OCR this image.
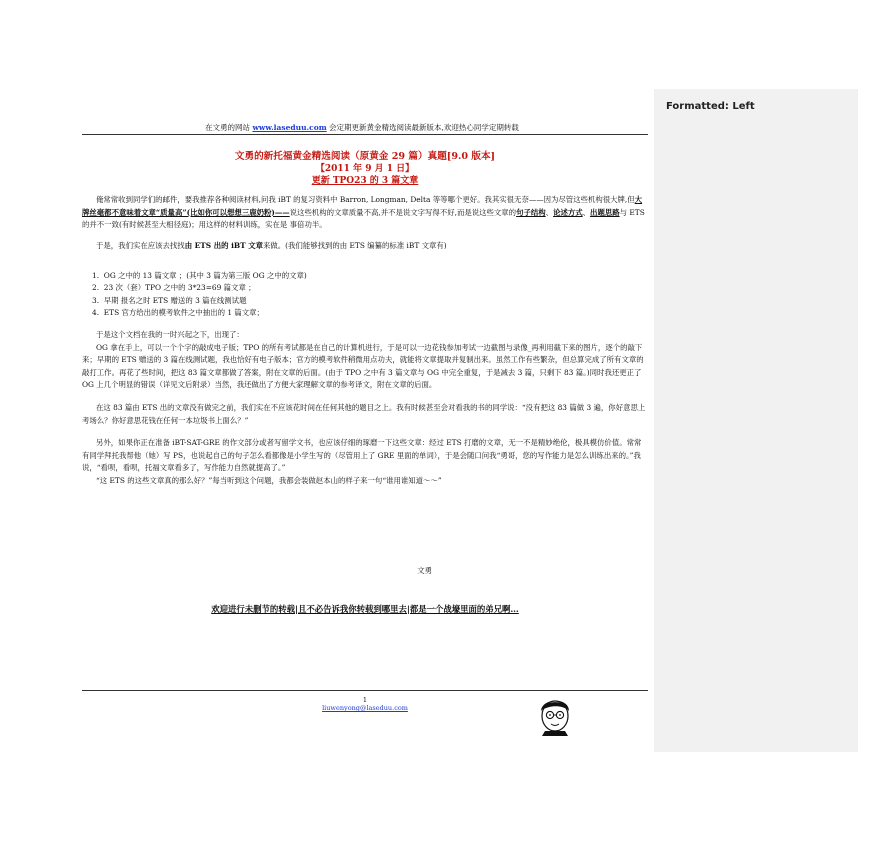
在文勇的网站 www.laseduu.com 会定期更新黄金精选阅读最新版本,欢迎热心同学定期转载
文勇的新托福黄金精选阅读（原黄金 29 篇）真题[9.0 版本]
【2011 年 9 月 1 日】
更新 TPO23 的 3 篇文章

俺常常收到同学们的邮件，要我推荐各种阅读材料,问我 iBT 的复习资料中 Barron, Longman, Delta 等等哪个更好。我其实很无奈——因为尽管这些机构很大牌,但大牌丝毫都不意味着文章“质量高”(比如你可以想想三鹿奶粉)——说这些机构的文章质量不高,并不是说文字写得不好,而是说这些文章的句子结构、论述方式、出题思路与 ETS 的并不一致(有时候甚至大相径庭)；用这样的材料训练，实在是 事倍功半。

于是，我们实在应该去找找由 ETS 出的 iBT 文章来做。(我们能够找到的由 ETS 编纂的标准 iBT 文章有)

1. OG 之中的 13 篇文章 ；(其中 3 篇为第三版 OG 之中的文章)
2. 23 次（套）TPO 之中的 3*23=69 篇文章 ；
3. 早期 报名之时 ETS 赠送的 3 篇在线测试题
4. ETS 官方给出的模考软件之中抽出的 1 篇文章；

于是这个文档在我的一时兴起之下，出现了：

OG 拿在手上，可以一个个字的敲成电子版；TPO 的所有考试都是在自己的计算机进行，于是可以一边花钱参加考试一边截图与录像_再利用截下来的图片，逐个的敲下来；早期的 ETS 赠送的 3 篇在线测试题，我也恰好有电子版本；官方的模考软件稍微用点功夫，就能将文章提取并复制出来。虽然工作有些繁杂，但总算完成了所有文章的敲打工作。再花了些时间，把这 83 篇文章都做了答案，附在文章的后面。(由于 TPO 之中有 3 篇文章与 OG 中完全重复，于是减去 3 篇，只剩下 83 篇。)同时我还更正了 OG 上几个明显的错误（详见文后附录）当然，我还做出了方便大家理解文章的参考译文，附在文章的后面。

在这 83 篇由 ETS 出的文章没有做完之前，我们实在不应该花时间在任何其他的题目之上。我有时候甚至会对看我的书的同学说：“没有把这 83 篇做 3 遍，你好意思上考场么？你好意思花钱在任何一本垃圾书上面么？”

另外，如果你正在准备 iBT-SAT-GRE 的作文部分或者写留学文书，也应该仔细的琢磨一下这些文章：经过 ETS 打磨的文章，无一不是精妙绝伦，极具模仿价值。常常有同学拜托我帮他（她）写 PS，也说起自己的句子怎么看都像是小学生写的（尽管用上了 GRE 里面的单词），于是会随口问我“勇哥，您的写作能力是怎么训练出来的。”我说，“看呗，看呗，托福文章看多了，写作能力自然就提高了。”

“这 ETS 的这些文章真的那么好？”每当听到这个问题，我都会装做赵本山的样子来一句“谁用谁知道～～”

文勇
欢迎进行未删节的转载|且不必告诉我你转载到哪里去|都是一个战壕里面的弟兄啊…
1
liuwenyong@laseduu.com
Formatted: Left
